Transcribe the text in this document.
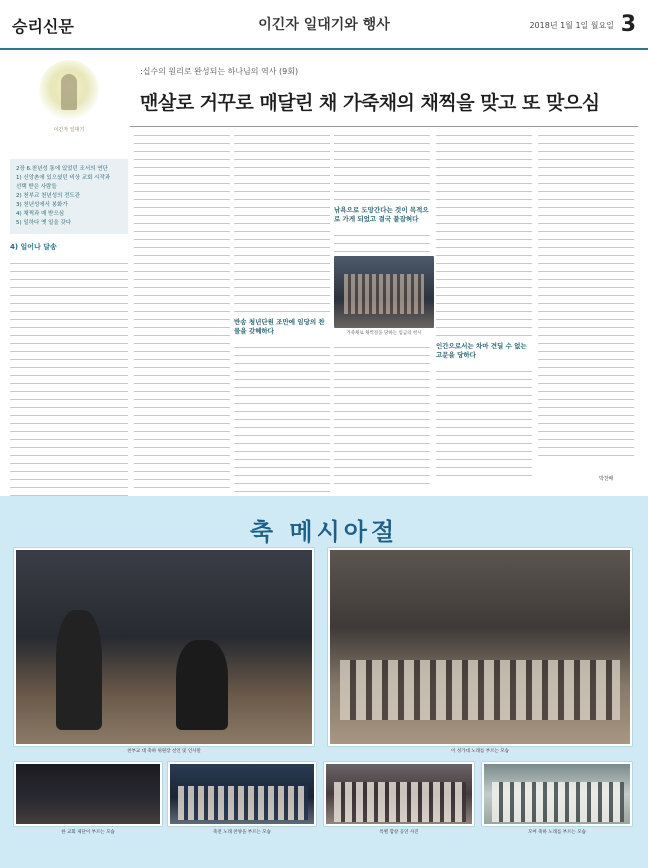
승리신문	이긴자 일대기와 행사	2018년 1월 1일 월요일 3
:십수의 원리로 완성되는 하나님의 역사 (9회)
맨살로 거꾸로 매달린 채 가죽채의 채찍을 맞고 또 맞으심
이긴자 일대기
2장 6.천년성 통에 있었던 조서의 연단
1) 신앙촌에 있으셨던 비상 교회 시작과
선택 받은 사람들
2) 천부교 천년성의 전도관
3) 천년성에서 봉화가
4) 채찍과 매 받으심
5) 일하다 옛 일을 갖다
4) 일어나 달송
반송 청년단원 조만에 임당의 찬물을 갖혜하다
낚욕으로 도망간다는 것이 목적으로 가게 되었고 결국 붙잡혀다
인간으로서는 차마 견딜 수 없는 고문을 당하다
가죽채로 채찍질을 당하는 임금의 헌시
박찬배
축 메시아절
천부교 대 축하 위원장 선언 및 인사말	이 성가대 노래를 부르는 모습
한 교회 제단이 부르는 모습	축전 노래 찬양을 부르는 모습	특별 합창 공연 사진	모여 축하 노래를 부르는 모습
